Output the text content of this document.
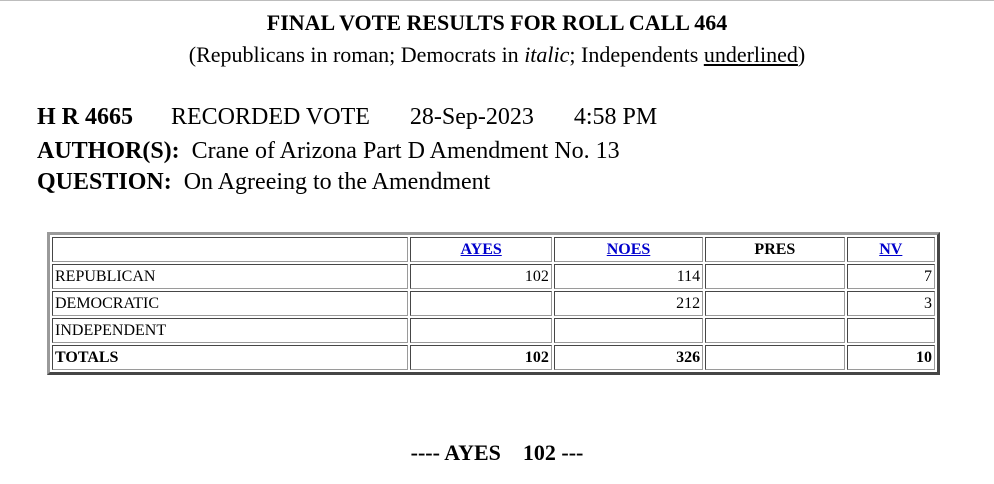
FINAL VOTE RESULTS FOR ROLL CALL 464
(Republicans in roman; Democrats in italic; Independents underlined)
H R 4665 RECORDED VOTE 28-Sep-2023 4:58 PM
AUTHOR(S): Crane of Arizona Part D Amendment No. 13
QUESTION: On Agreeing to the Amendment
	AYES	NOES	PRES	NV
REPUBLICAN	102	114		7
DEMOCRATIC		212		3
INDEPENDENT				
TOTALS	102	326		10
---- AYES    102 ---
